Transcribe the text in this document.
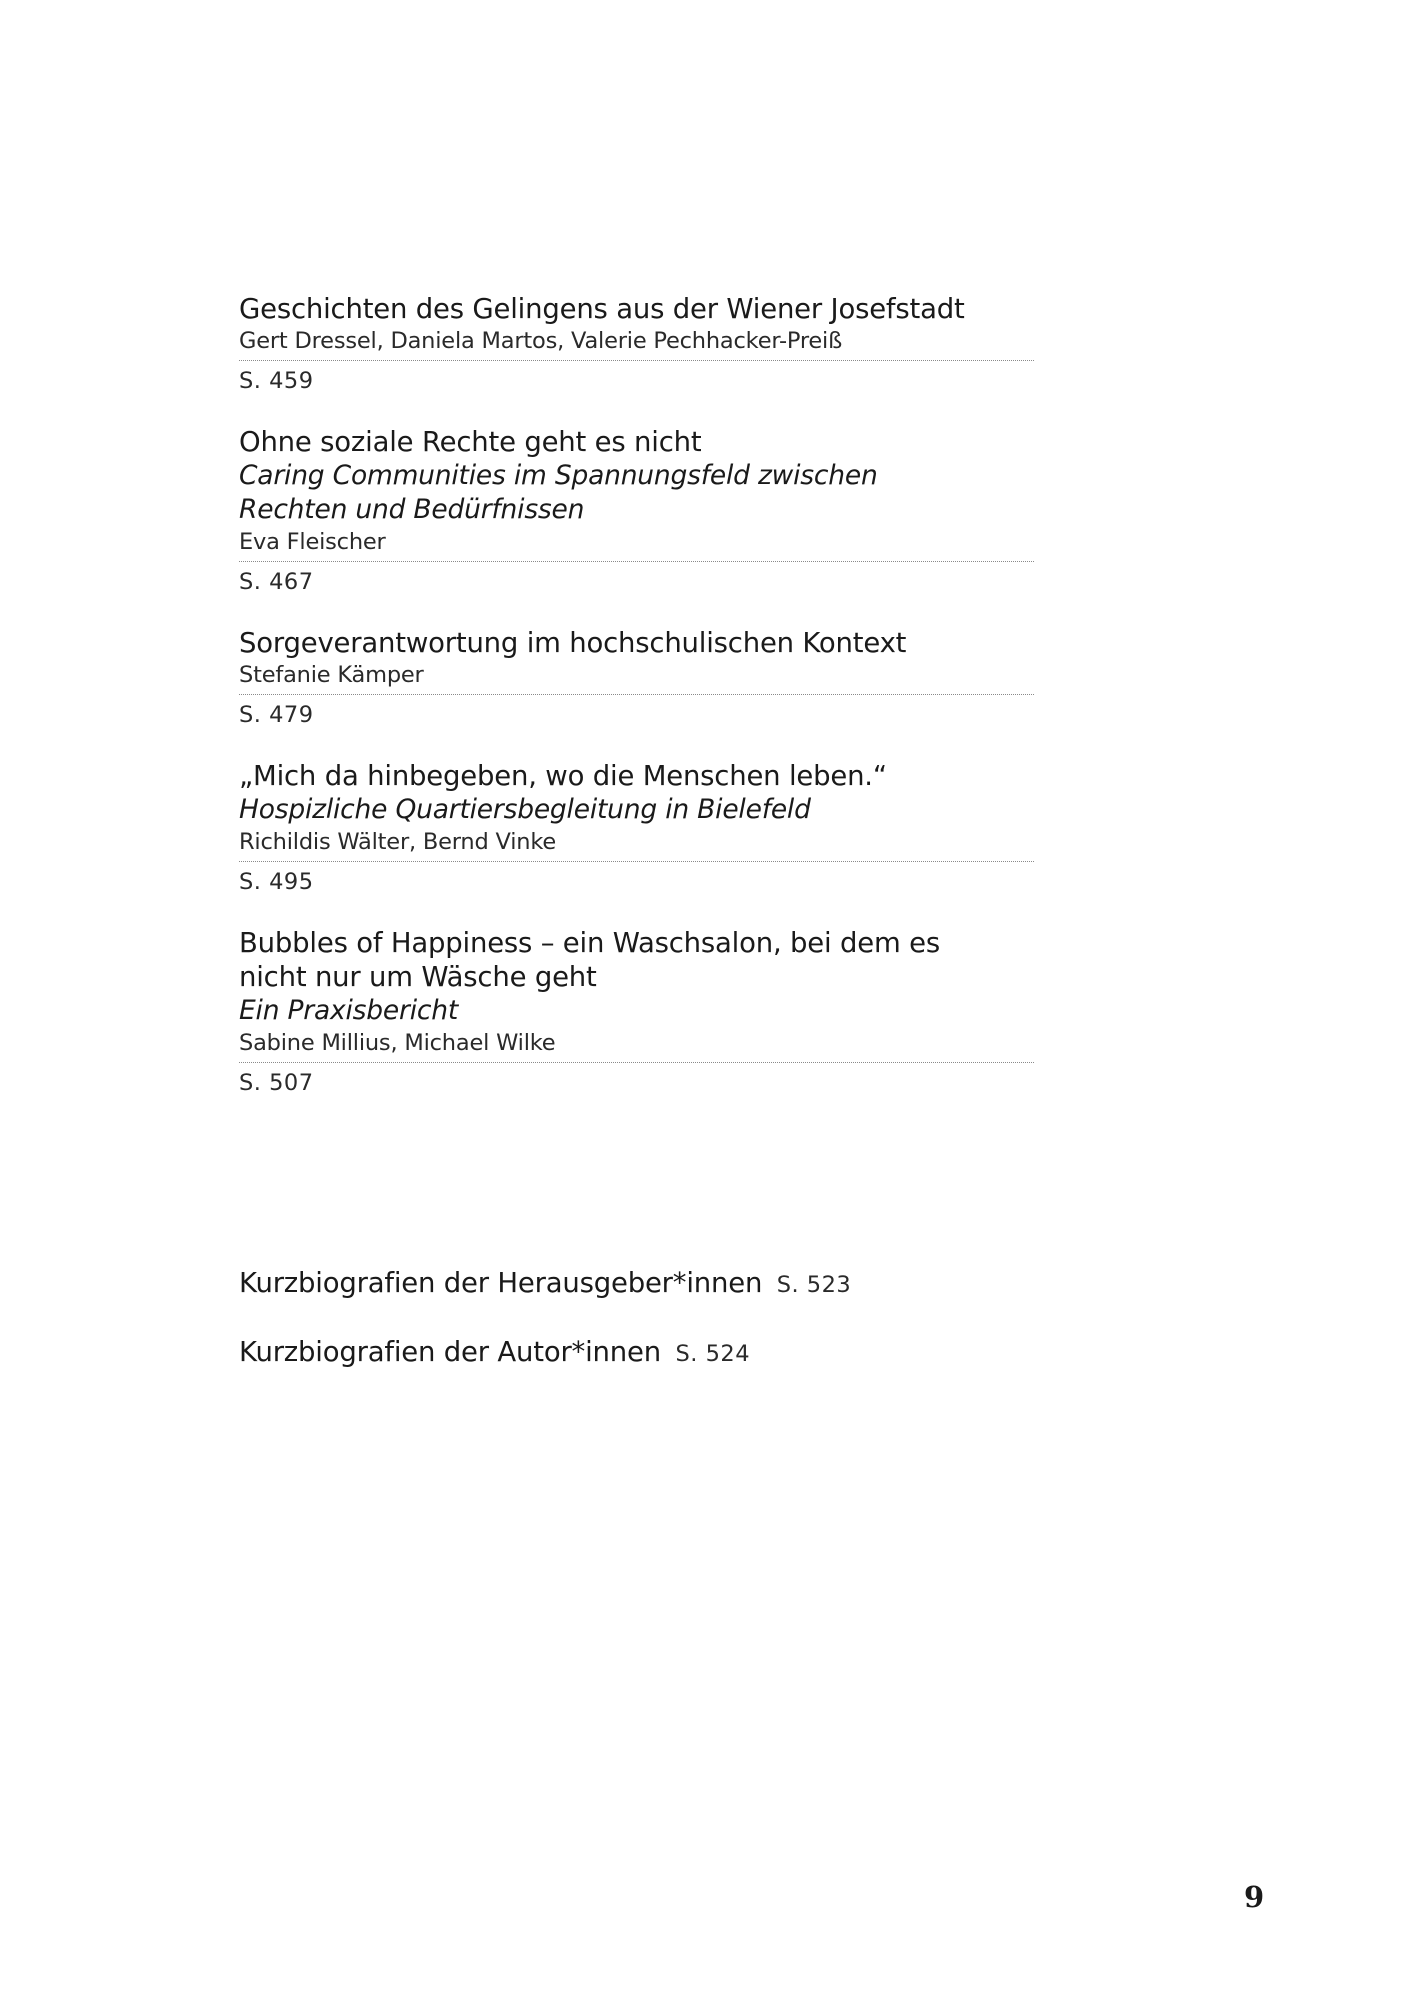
Geschichten des Gelingens aus der Wiener Josefstadt
Gert Dressel, Daniela Martos, Valerie Pechhacker-Preiß
S. 459
Ohne soziale Rechte geht es nicht
Caring Communities im Spannungsfeld zwischen
Rechten und Bedürfnissen
Eva Fleischer
S. 467
Sorgeverantwortung im hochschulischen Kontext
Stefanie Kämper
S. 479
„Mich da hinbegeben, wo die Menschen leben.“
Hospizliche Quartiersbegleitung in Bielefeld
Richildis Wälter, Bernd Vinke
S. 495
Bubbles of Happiness – ein Waschsalon, bei dem es
nicht nur um Wäsche geht
Ein Praxisbericht
Sabine Millius, Michael Wilke
S. 507
Kurzbiografien der Herausgeber*innen S. 523
Kurzbiografien der Autor*innen S. 524
9
